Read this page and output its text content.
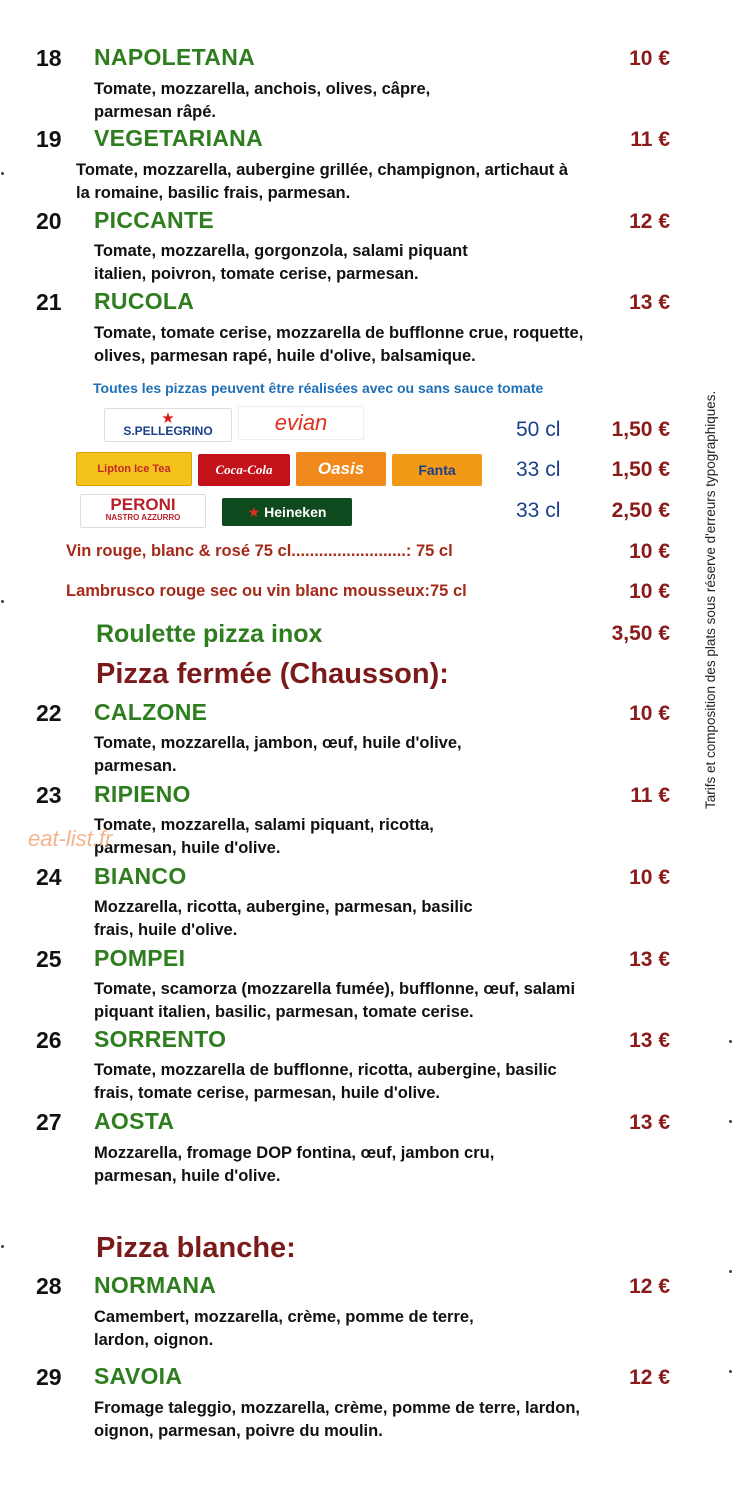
18 NAPOLETANA	10 €
Tomate, mozzarella, anchois, olives, câpre,
parmesan râpé.
19 VEGETARIANA	11 €
Tomate, mozzarella, aubergine grillée, champignon, artichaut à
la romaine, basilic frais, parmesan.
20 PICCANTE	12 €
Tomate, mozzarella, gorgonzola, salami piquant
italien, poivron, tomate cerise, parmesan.
21 RUCOLA	13 €
Tomate, tomate cerise, mozzarella de bufflonne crue, roquette,
olives, parmesan rapé, huile d'olive, balsamique.
Toutes les pizzas peuvent être réalisées avec ou sans sauce tomate
★
S.PELLEGRINO	evian	50 cl 1,50 €
Lipton Ice Tea	Coca-Cola	Oasis	Fanta	33 cl 1,50 €
PERONI
NASTRO AZZURRO	★ Heineken	33 cl 2,50 €
Vin rouge, blanc & rosé 75 cl.........................: 75 cl	10 €
Lambrusco rouge sec ou vin blanc mousseux:75 cl	10 €
Roulette pizza inox	3,50 €
Pizza fermée (Chausson):
22 CALZONE	10 €
Tomate, mozzarella, jambon, œuf, huile d'olive,
parmesan.
23 RIPIENO	11 €
Tomate, mozzarella, salami piquant, ricotta,
parmesan, huile d'olive.
24 BIANCO	10 €
Mozzarella, ricotta, aubergine, parmesan, basilic
frais, huile d'olive.
25 POMPEI	13 €
Tomate, scamorza (mozzarella fumée), bufflonne, œuf, salami
piquant italien, basilic, parmesan, tomate cerise.
26 SORRENTO	13 €
Tomate, mozzarella de bufflonne, ricotta, aubergine, basilic
frais, tomate cerise, parmesan, huile d'olive.
27 AOSTA	13 €
Mozzarella, fromage DOP fontina, œuf, jambon cru,
parmesan, huile d'olive.
Pizza blanche:
28 NORMANA	12 €
Camembert, mozzarella, crème, pomme de terre,
lardon, oignon.
29 SAVOIA	12 €
Fromage taleggio, mozzarella, crème, pomme de terre, lardon,
oignon, parmesan, poivre du moulin.
Tarifs et composition des plats sous réserve d'erreurs typographiques.
eat-list.fr
